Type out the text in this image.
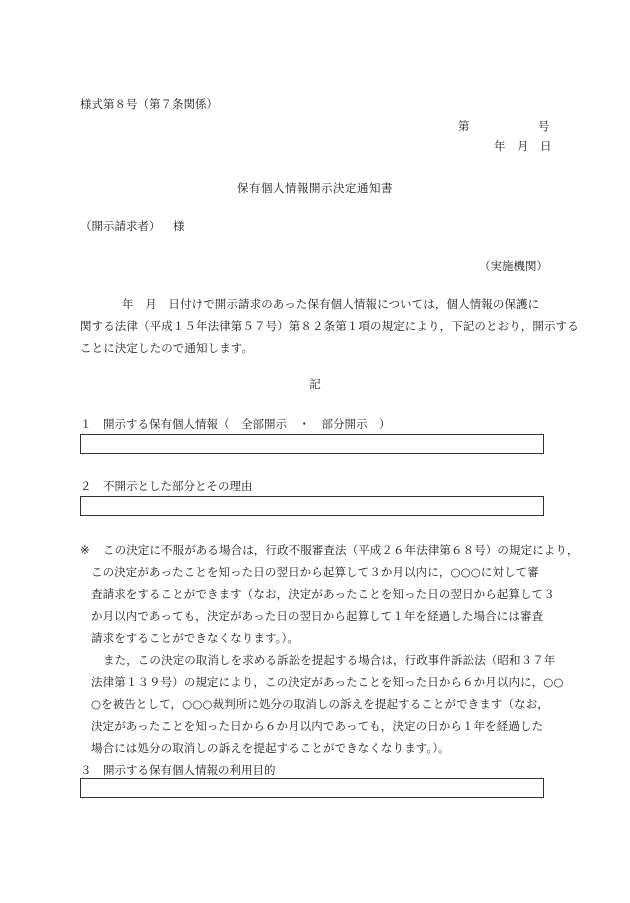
様式第８号（第７条関係）
第	号
年　月　日
保有個人情報開示決定通知書
（開示請求者） 様
（実施機関）
年　月　日付けで開示請求のあった保有個人情報については，個人情報の保護に
関する法律（平成１５年法律第５７号）第８２条第１項の規定により，下記のとおり，開示する
ことに決定したので通知します。
記
１　開示する保有個人情報（　全部開示　・　部分開示　）
２　不開示とした部分とその理由
※ この決定に不服がある場合は，行政不服審査法（平成２６年法律第６８号）の規定により，
この決定があったことを知った日の翌日から起算して３か月以内に，○○○に対して審
査請求をすることができます（なお，決定があったことを知った日の翌日から起算して３
か月以内であっても，決定があった日の翌日から起算して１年を経過した場合には審査
請求をすることができなくなります。）。
また，この決定の取消しを求める訴訟を提起する場合は，行政事件訴訟法（昭和３７年
法律第１３９号）の規定により，この決定があったことを知った日から６か月以内に，○○
○を被告として，○○○裁判所に処分の取消しの訴えを提起することができます（なお，
決定があったことを知った日から６か月以内であっても，決定の日から１年を経過した
場合には処分の取消しの訴えを提起することができなくなります。）。
３　開示する保有個人情報の利用目的
